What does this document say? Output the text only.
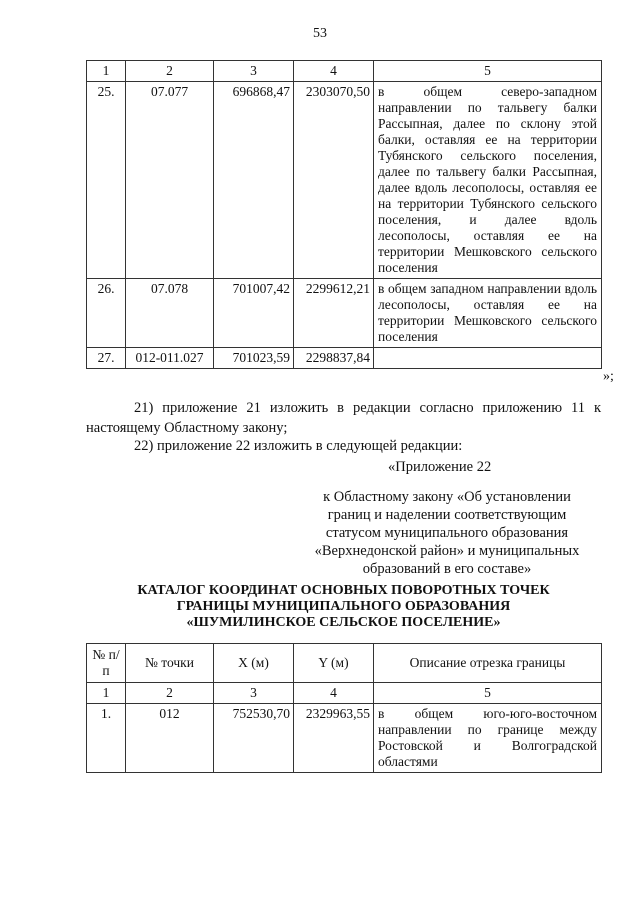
53
1	2	3	4	5
25.	07.077	696868,47	2303070,50	в общем северо-западном направлении по тальвегу балки Рассыпная, далее по склону этой балки, оставляя ее на территории Тубянского сельского поселения, далее по тальвегу балки Рассыпная, далее вдоль лесополосы, оставляя ее на территории Тубянского сельского поселения, и далее вдоль лесополосы, оставляя ее на территории Мешковского сельского поселения
26.	07.078	701007,42	2299612,21	в общем западном направлении вдоль лесополосы, оставляя ее на территории Мешковского сельского поселения
27.	012-011.027	701023,59	2298837,84	
»;
21) приложение 21 изложить в редакции согласно приложению 11 к настоящему Областному закону;
22) приложение 22 изложить в следующей редакции:
«Приложение 22
к Областному закону «Об установлении
границ и наделении соответствующим
статусом муниципального образования
«Верхнедонской район» и муниципальных
образований в его составе»
КАТАЛОГ КООРДИНАТ ОСНОВНЫХ ПОВОРОТНЫХ ТОЧЕК
ГРАНИЦЫ МУНИЦИПАЛЬНОГО ОБРАЗОВАНИЯ
«ШУМИЛИНСКОЕ СЕЛЬСКОЕ ПОСЕЛЕНИЕ»
№ п/п	№ точки	X (м)	Y (м)	Описание отрезка границы
1	2	3	4	5
1.	012	752530,70	2329963,55	в общем юго-юго-восточном направлении по границе между Ростовской и Волгоградской областями
